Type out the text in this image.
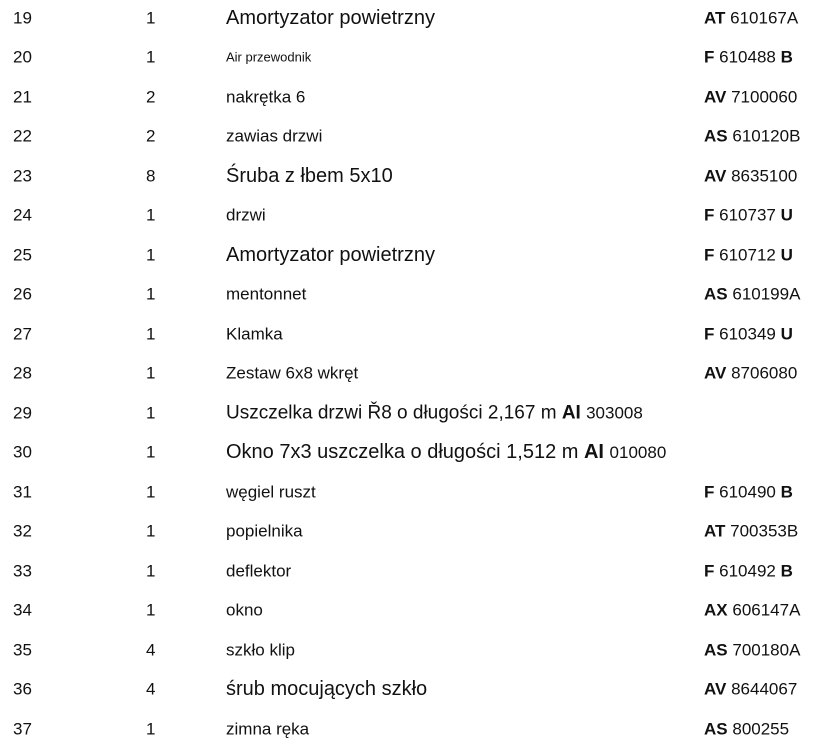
19	1	Amortyzator powietrzny	AT 610167A
20	1	Air przewodnik	F 610488 B
21	2	nakrętka 6	AV 7100060
22	2	zawias drzwi	AS 610120B
23	8	Śruba z łbem 5x10	AV 8635100
24	1	drzwi	F 610737 U
25	1	Amortyzator powietrzny	F 610712 U
26	1	mentonnet	AS 610199A
27	1	Klamka	F 610349 U
28	1	Zestaw 6x8 wkręt	AV 8706080
29	1	Uszczelka drzwi Ř8 o długości 2,167 m AI 303008
30	1	Okno 7x3 uszczelka o długości 1,512 m AI 010080
31	1	węgiel ruszt	F 610490 B
32	1	popielnika	AT 700353B
33	1	deflektor	F 610492 B
34	1	okno	AX 606147A
35	4	szkło klip	AS 700180A
36	4	śrub mocujących szkło	AV 8644067
37	1	zimna ręka	AS 800255
